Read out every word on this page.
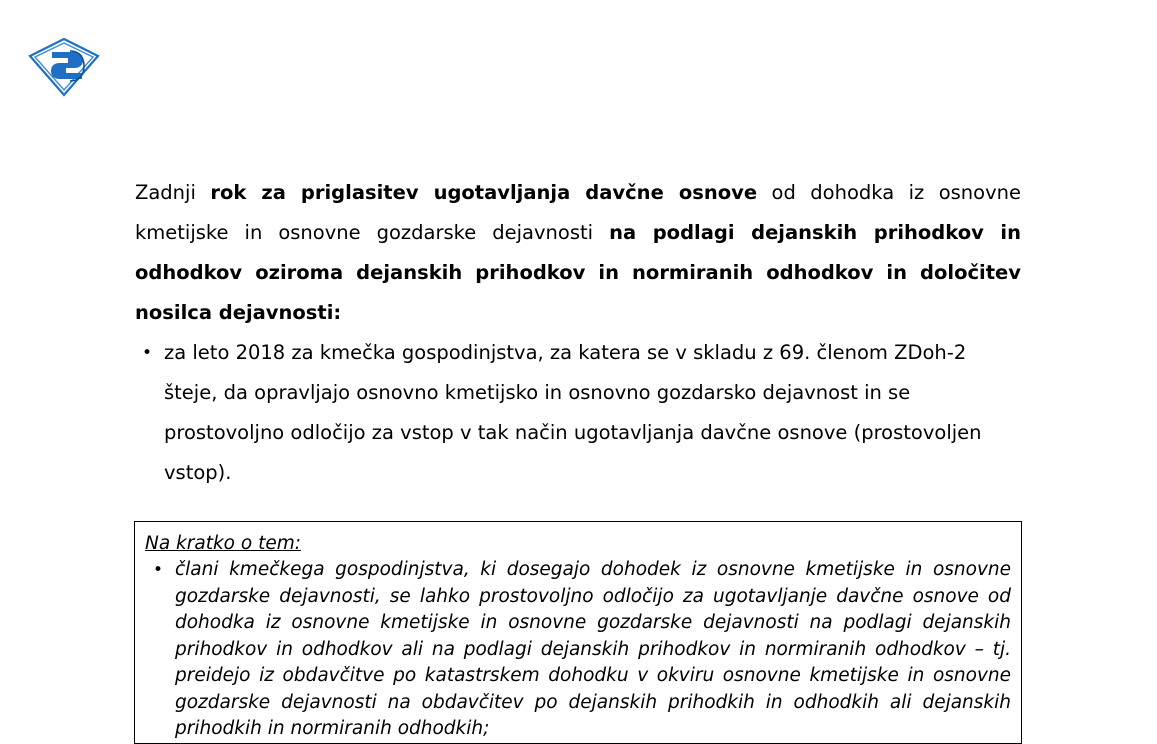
Zadnji rok za priglasitev ugotavljanja davčne osnove od dohodka iz osnovne kmetijske in osnovne gozdarske dejavnosti na podlagi dejanskih prihodkov in odhodkov oziroma dejanskih prihodkov in normiranih odhodkov in določitev nosilca dejavnosti:

• za leto 2018 za kmečka gospodinjstva, za katera se v skladu z 69. členom ZDoh-2 šteje, da opravljajo osnovno kmetijsko in osnovno gozdarsko dejavnost in se prostovoljno odločijo za vstop v tak način ugotavljanja davčne osnove (prostovoljen vstop).
Na kratko o tem:
• člani kmečkega gospodinjstva, ki dosegajo dohodek iz osnovne kmetijske in osnovne gozdarske dejavnosti, se lahko prostovoljno odločijo za ugotavljanje davčne osnove od dohodka iz osnovne kmetijske in osnovne gozdarske dejavnosti na podlagi dejanskih prihodkov in odhodkov ali na podlagi dejanskih prihodkov in normiranih odhodkov – tj. preidejo iz obdavčitve po katastrskem dohodku v okviru osnovne kmetijske in osnovne gozdarske dejavnosti na obdavčitev po dejanskih prihodkih in odhodkih ali dejanskih prihodkih in normiranih odhodkih;
